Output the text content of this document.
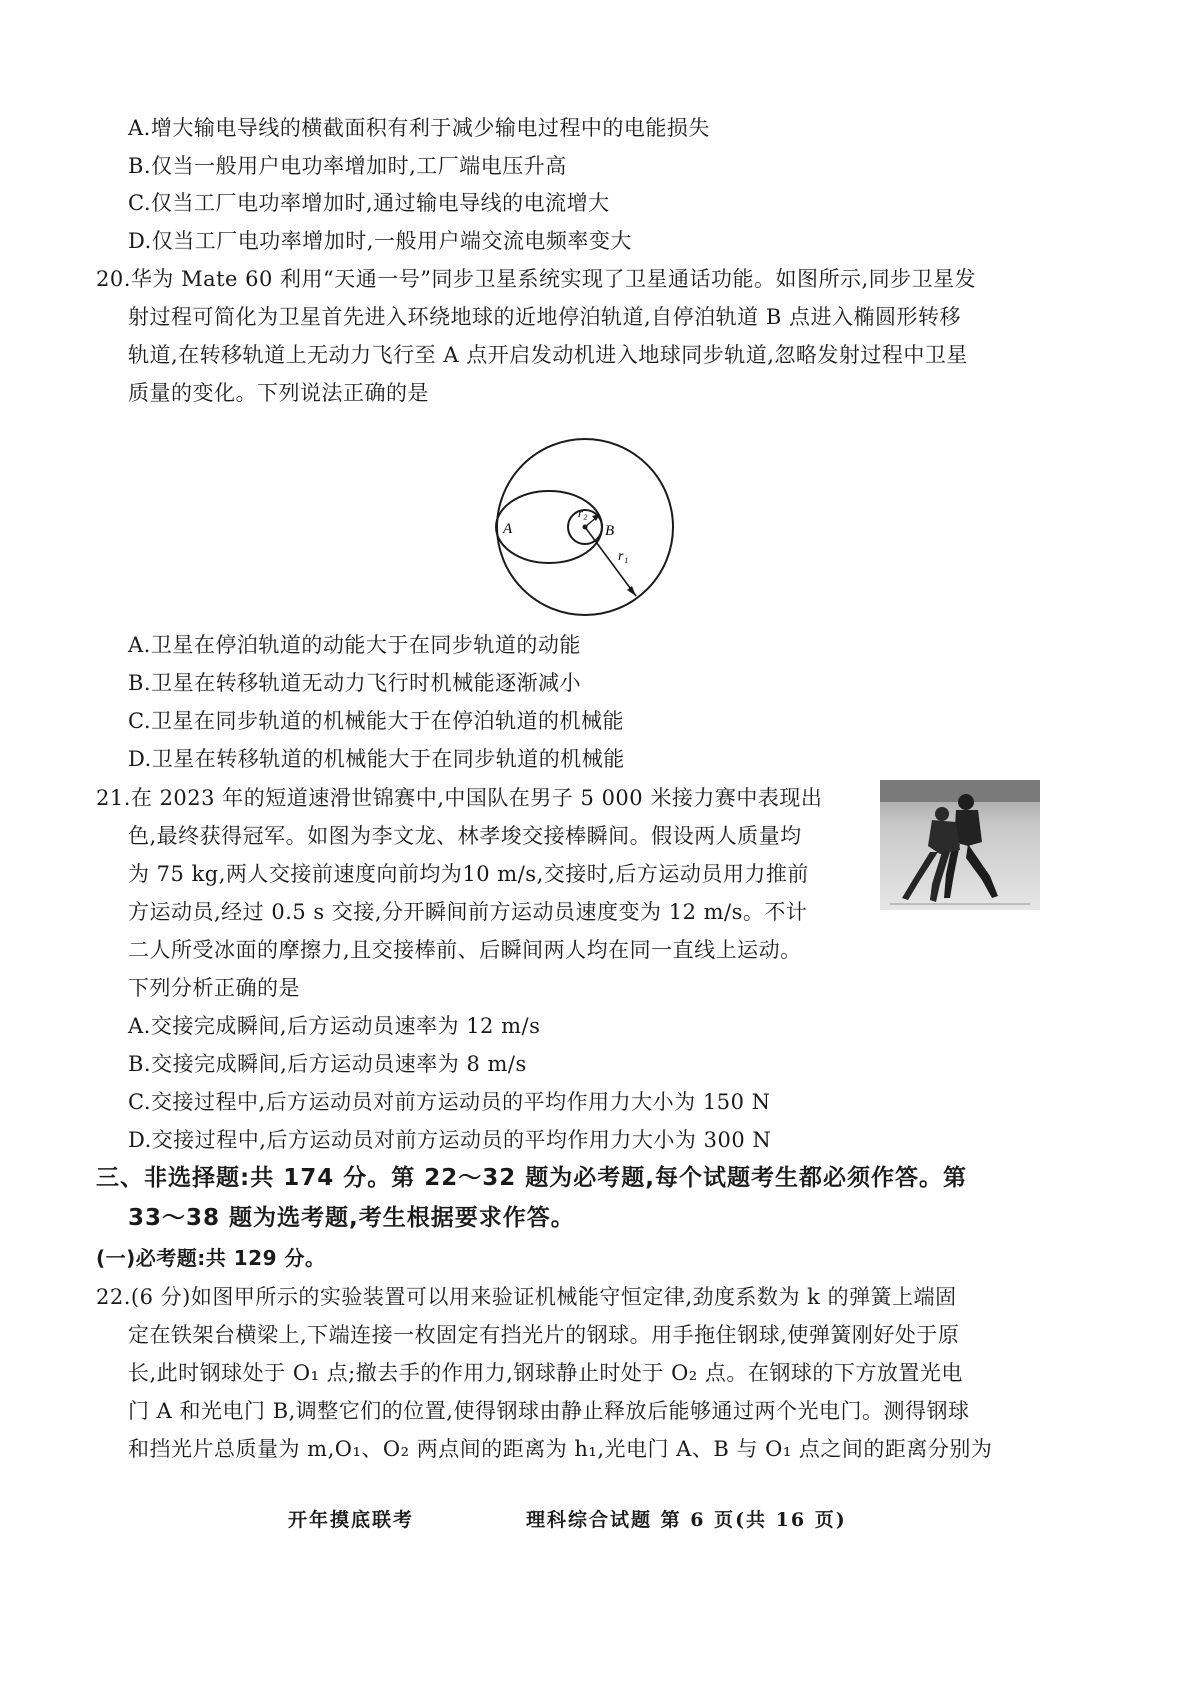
A.增大输电导线的横截面积有利于减少输电过程中的电能损失
B.仅当一般用户电功率增加时,工厂端电压升高
C.仅当工厂电功率增加时,通过输电导线的电流增大
D.仅当工厂电功率增加时,一般用户端交流电频率变大
20.华为 Mate 60 利用“天通一号”同步卫星系统实现了卫星通话功能。如图所示,同步卫星发
射过程可简化为卫星首先进入环绕地球的近地停泊轨道,自停泊轨道 B 点进入椭圆形转移
轨道,在转移轨道上无动力飞行至 A 点开启发动机进入地球同步轨道,忽略发射过程中卫星
质量的变化。下列说法正确的是
A	B
r₂
r₁
A.卫星在停泊轨道的动能大于在同步轨道的动能
B.卫星在转移轨道无动力飞行时机械能逐渐减小
C.卫星在同步轨道的机械能大于在停泊轨道的机械能
D.卫星在转移轨道的机械能大于在同步轨道的机械能
21.在 2023 年的短道速滑世锦赛中,中国队在男子 5 000 米接力赛中表现出
色,最终获得冠军。如图为李文龙、林孝埈交接棒瞬间。假设两人质量均
为 75 kg,两人交接前速度向前均为10 m/s,交接时,后方运动员用力推前
方运动员,经过 0.5 s 交接,分开瞬间前方运动员速度变为 12 m/s。不计
二人所受冰面的摩擦力,且交接棒前、后瞬间两人均在同一直线上运动。
下列分析正确的是
A.交接完成瞬间,后方运动员速率为 12 m/s
B.交接完成瞬间,后方运动员速率为 8 m/s
C.交接过程中,后方运动员对前方运动员的平均作用力大小为 150 N
D.交接过程中,后方运动员对前方运动员的平均作用力大小为 300 N
三、非选择题:共 174 分。第 22～32 题为必考题,每个试题考生都必须作答。第
33～38 题为选考题,考生根据要求作答。
(一)必考题:共 129 分。
22.(6 分)如图甲所示的实验装置可以用来验证机械能守恒定律,劲度系数为 k 的弹簧上端固
定在铁架台横梁上,下端连接一枚固定有挡光片的钢球。用手拖住钢球,使弹簧刚好处于原
长,此时钢球处于 O₁ 点;撤去手的作用力,钢球静止时处于 O₂ 点。在钢球的下方放置光电
门 A 和光电门 B,调整它们的位置,使得钢球由静止释放后能够通过两个光电门。测得钢球
和挡光片总质量为 m,O₁、O₂ 两点间的距离为 h₁,光电门 A、B 与 O₁ 点之间的距离分别为
开年摸底联考	理科综合试题 第 6 页(共 16 页)
